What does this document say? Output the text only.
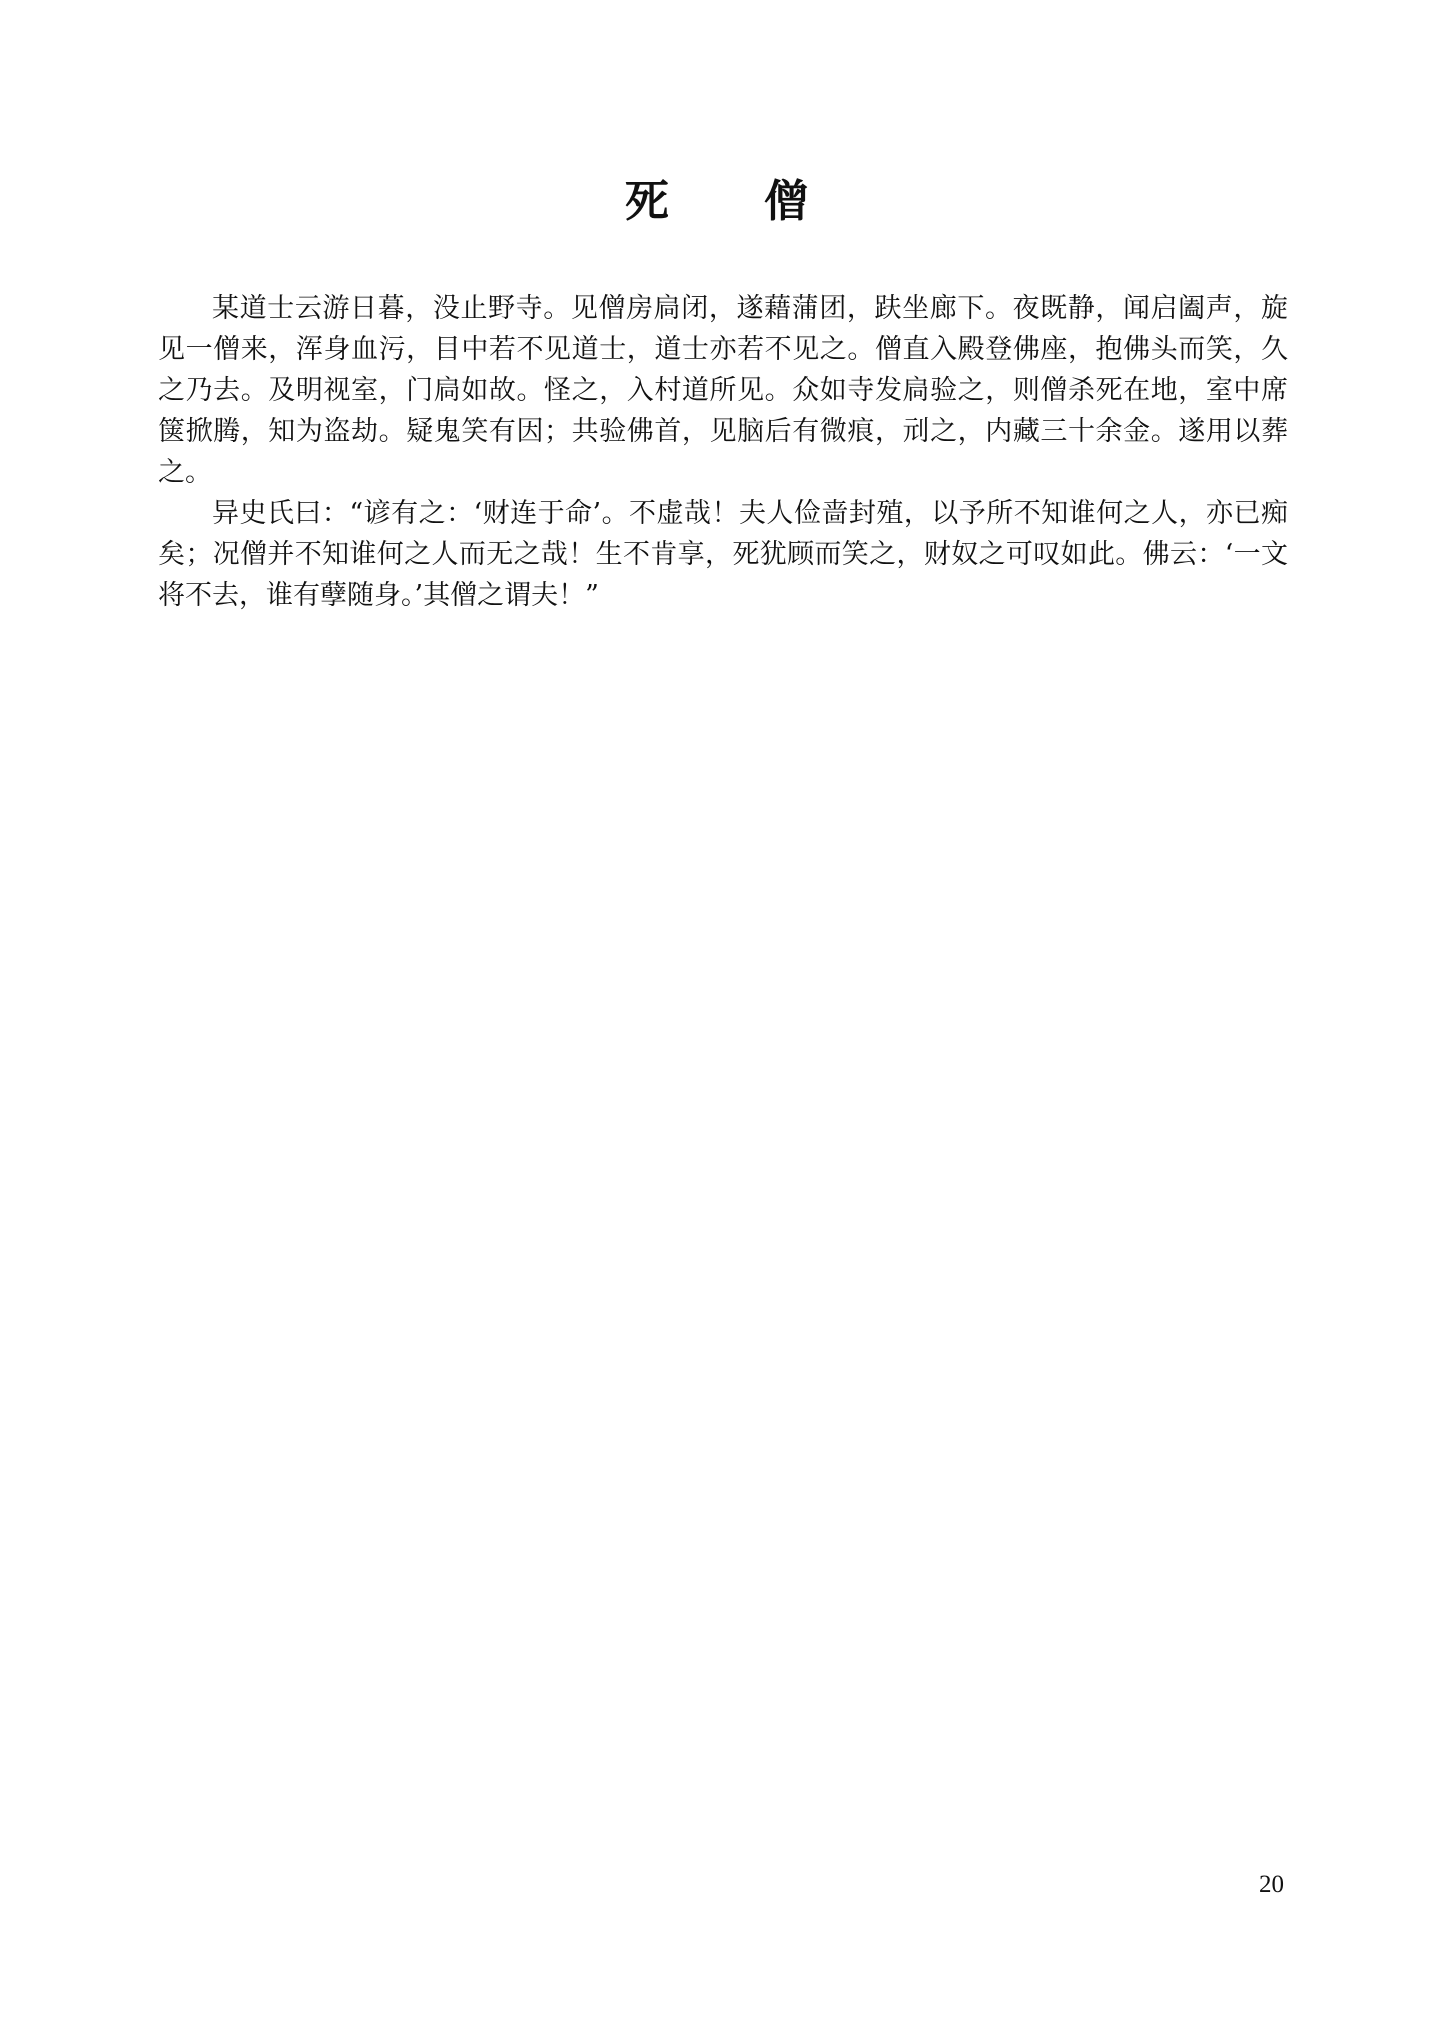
死 僧

某道士云游日暮，没止野寺。见僧房扃闭，遂藉蒲团，趺坐廊下。夜既静，闻启阖声，旋见一僧来，浑身血污，目中若不见道士，道士亦若不见之。僧直入殿登佛座，抱佛头而笑，久之乃去。及明视室，门扃如故。怪之，入村道所见。众如寺发扃验之，则僧杀死在地，室中席箧掀腾，知为盗劫。疑鬼笑有因；共验佛首，见脑后有微痕，刓之，内藏三十余金。遂用以葬之。

异史氏曰：“谚有之：‘财连于命’。不虚哉！夫人俭啬封殖，以予所不知谁何之人，亦已痴矣；况僧并不知谁何之人而无之哉！生不肯享，死犹顾而笑之，财奴之可叹如此。佛云：‘一文将不去，谁有孽随身。’其僧之谓夫！”

20
